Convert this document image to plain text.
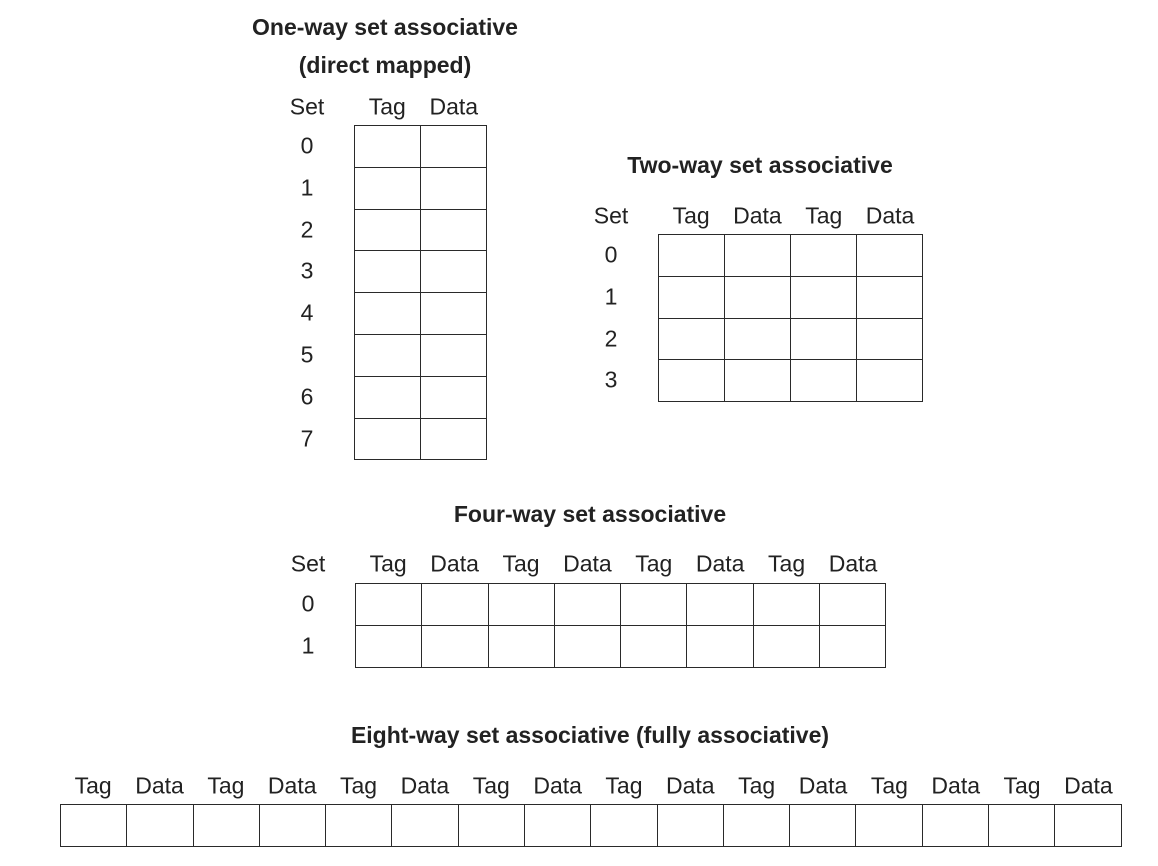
One-way set associative
(direct mapped)
Set Tag Data
0
1
2
3
4
5
6
7

Two-way set associative
Set Tag Data Tag Data
0
1
2
3

Four-way set associative
Set Tag Data Tag Data Tag Data Tag Data
0
1

Eight-way set associative (fully associative)
Tag Data Tag Data Tag Data Tag Data Tag Data Tag Data Tag Data Tag Data
